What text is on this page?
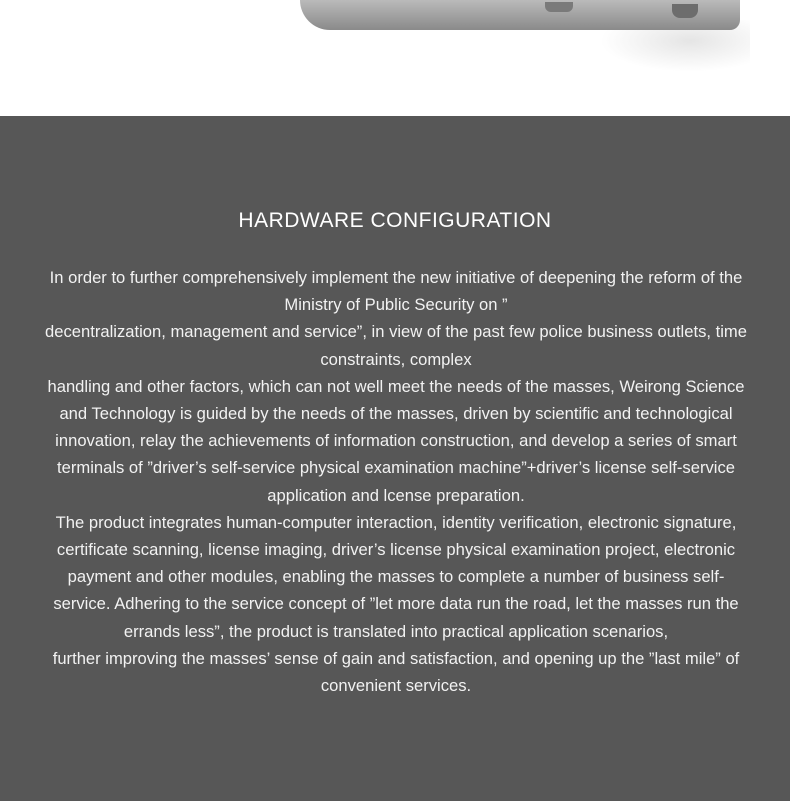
HARDWARE CONFIGURATION

In order to further comprehensively implement the new initiative of deepening the reform of the Ministry of Public Security on ”

decentralization, management and service”, in view of the past few police business outlets, time constraints, complex

handling and other factors, which can not well meet the needs of the masses, Weirong Science and Technology is guided by the needs of the masses, driven by scientific and technological innovation, relay the achievements of information construction, and develop a series of smart terminals of ”driver’s self-service physical examination machine”+driver’s license self-service application and lcense preparation.

The product integrates human-computer interaction, identity verification, electronic signature, certificate scanning, license imaging, driver’s license physical examination project, electronic payment and other modules, enabling the masses to complete a number of business self-service. Adhering to the service concept of ”let more data run the road, let the masses run the errands less”, the product is translated into practical application scenarios,

further improving the masses’ sense of gain and satisfaction, and opening up the ”last mile” of convenient services.
